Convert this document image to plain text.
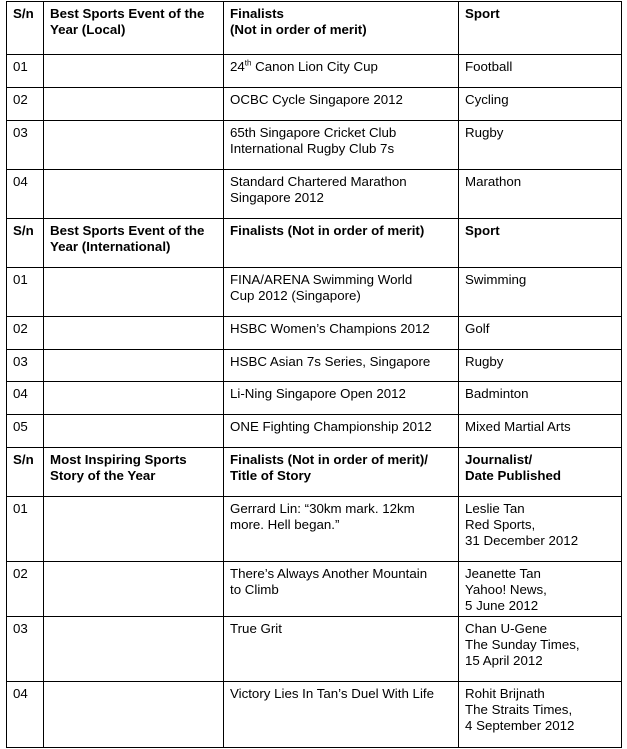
S/n	Best Sports Event of the
Year (Local)	Finalists
(Not in order of merit)	Sport
01		24th Canon Lion City Cup	Football
02		OCBC Cycle Singapore 2012	Cycling
03		65th Singapore Cricket Club
International Rugby Club 7s	Rugby
04		Standard Chartered Marathon
Singapore 2012	Marathon
S/n	Best Sports Event of the
Year (International)	Finalists (Not in order of merit)	Sport
01		FINA/ARENA Swimming World
Cup 2012 (Singapore)	Swimming
02		HSBC Women’s Champions 2012	Golf
03		HSBC Asian 7s Series, Singapore	Rugby
04		Li-Ning Singapore Open 2012	Badminton
05		ONE Fighting Championship 2012	Mixed Martial Arts
S/n	Most Inspiring Sports
Story of the Year	Finalists (Not in order of merit)/
Title of Story	Journalist/
Date Published
01		Gerrard Lin: “30km mark. 12km
more. Hell began.”	Leslie Tan
Red Sports,
31 December 2012
02		There’s Always Another Mountain
to Climb	Jeanette Tan
Yahoo! News,
5 June 2012
03		True Grit	Chan U-Gene
The Sunday Times,
15 April 2012
04		Victory Lies In Tan’s Duel With Life	Rohit Brijnath
The Straits Times,
4 September 2012
